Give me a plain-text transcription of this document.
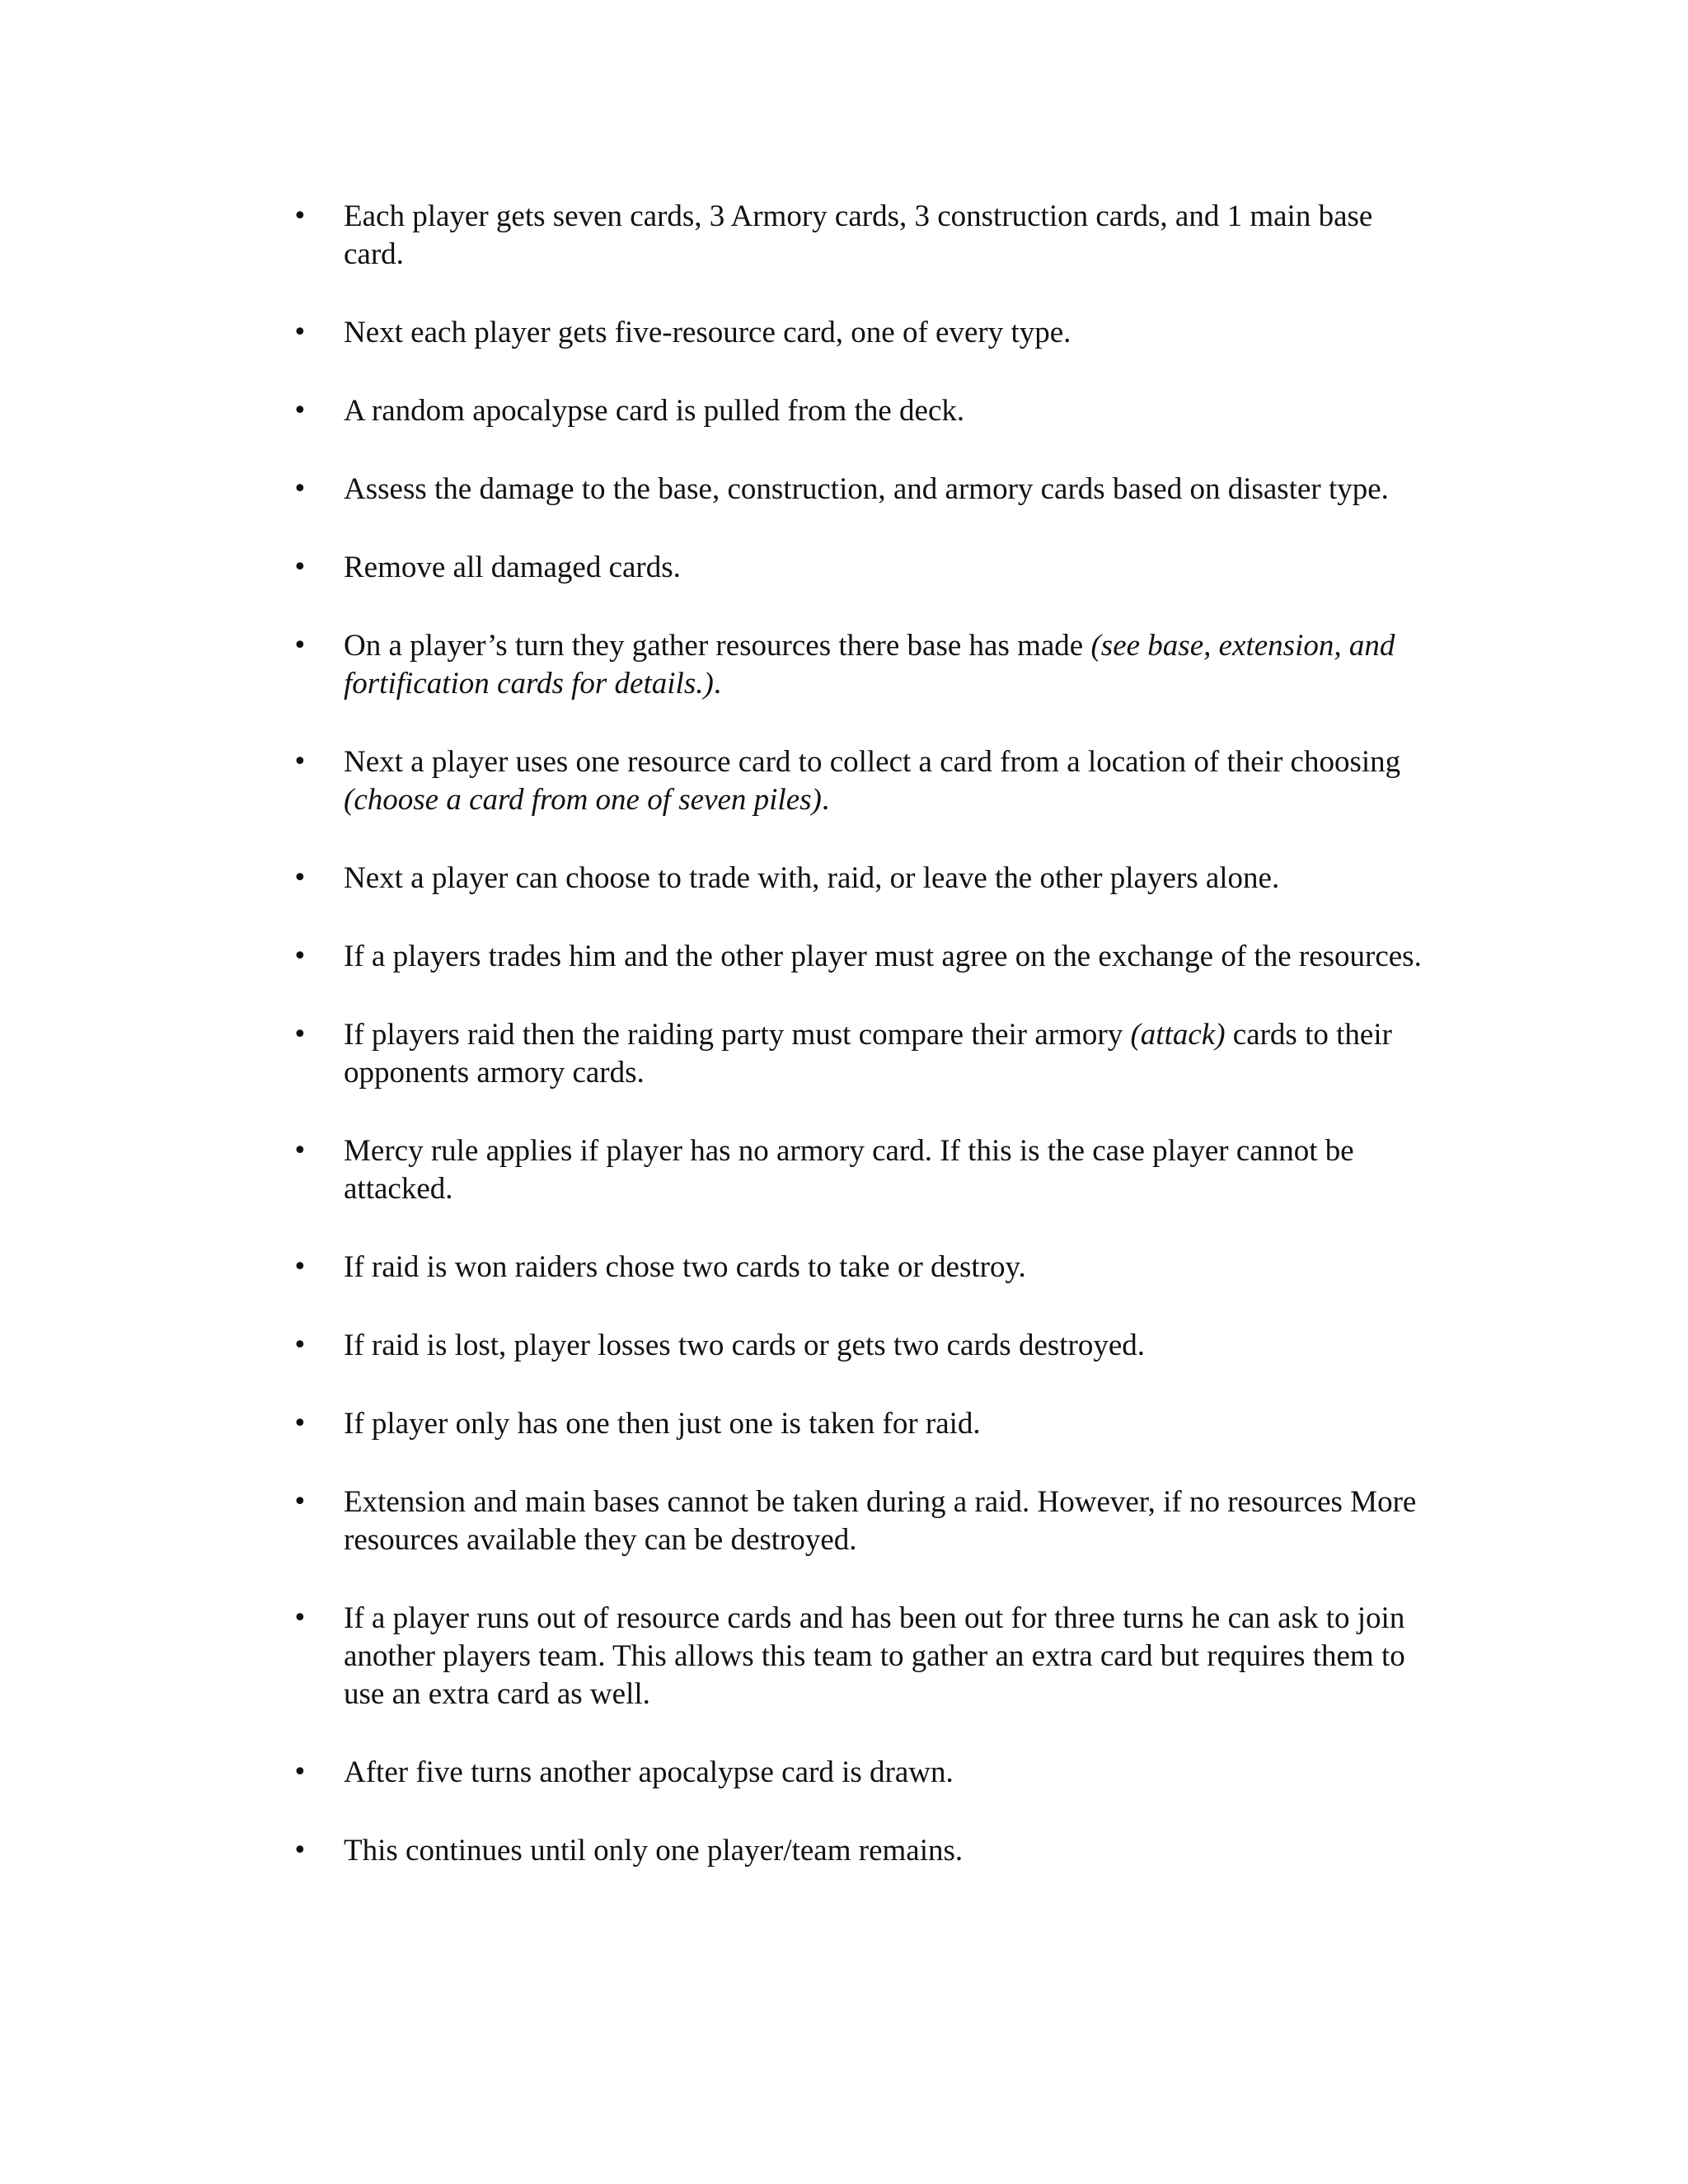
• Each player gets seven cards, 3 Armory cards, 3 construction cards, and 1 main base card.
• Next each player gets five-resource card, one of every type.
• A random apocalypse card is pulled from the deck.
• Assess the damage to the base, construction, and armory cards based on disaster type.
• Remove all damaged cards.
• On a player’s turn they gather resources there base has made (see base, extension, and fortification cards for details.).
• Next a player uses one resource card to collect a card from a location of their choosing (choose a card from one of seven piles).
• Next a player can choose to trade with, raid, or leave the other players alone.
• If a players trades him and the other player must agree on the exchange of the resources.
• If players raid then the raiding party must compare their armory (attack) cards to their opponents armory cards.
• Mercy rule applies if player has no armory card. If this is the case player cannot be attacked.
• If raid is won raiders chose two cards to take or destroy.
• If raid is lost, player losses two cards or gets two cards destroyed.
• If player only has one then just one is taken for raid.
• Extension and main bases cannot be taken during a raid. However, if no resources More resources available they can be destroyed.
• If a player runs out of resource cards and has been out for three turns he can ask to join another players team. This allows this team to gather an extra card but requires them to use an extra card as well.
• After five turns another apocalypse card is drawn.
• This continues until only one player/team remains.
